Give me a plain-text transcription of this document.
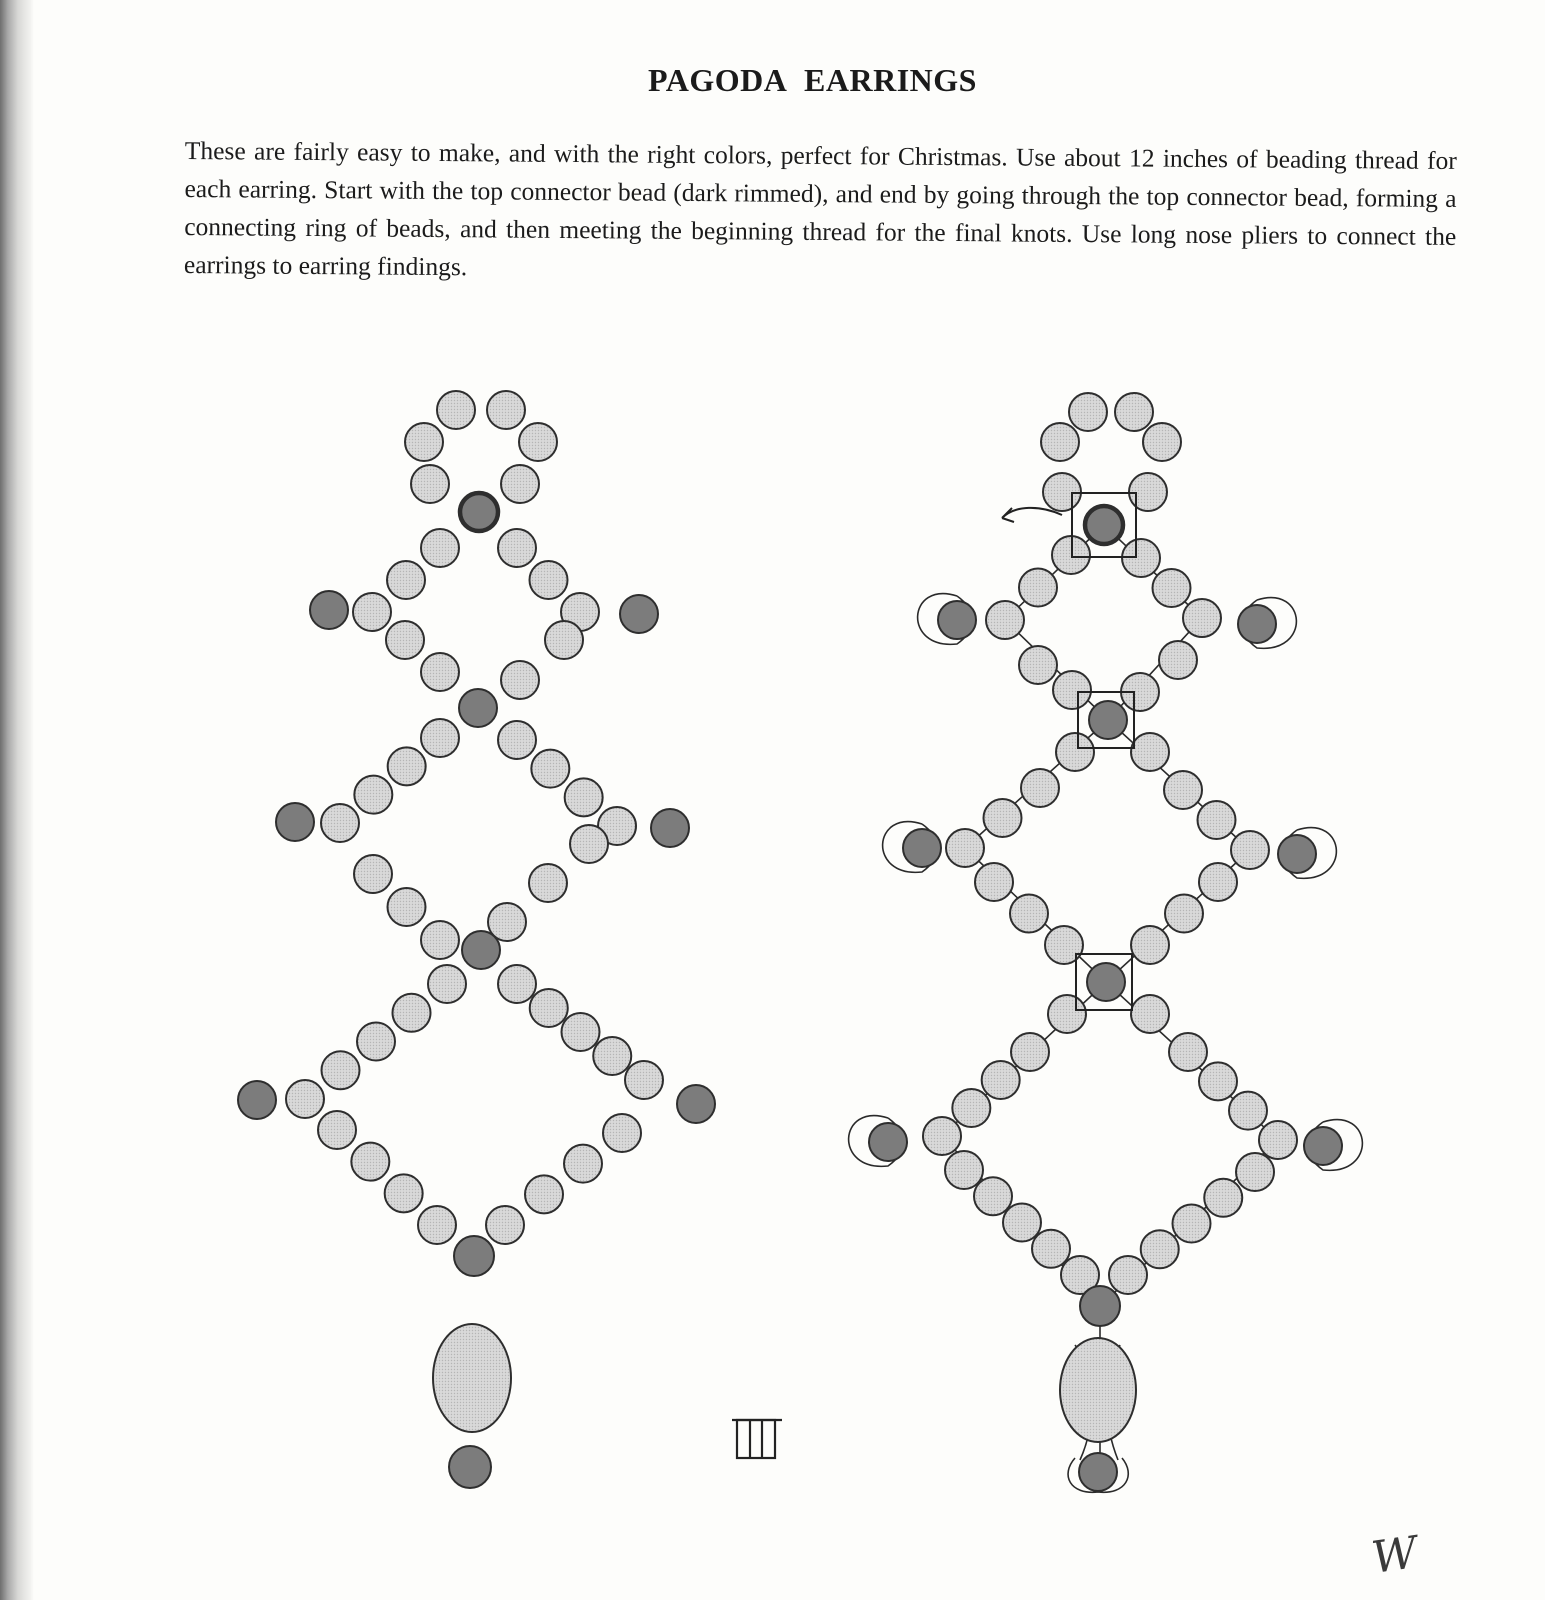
PAGODA EARRINGS
These are fairly easy to make, and with the right colors, perfect for Christmas. Use about 12 inches of beading thread for each earring. Start with the top connector bead (dark rimmed), and end by going through the top connector bead, forming a connecting ring of beads, and then meeting the beginning thread for the final knots. Use long nose pliers to connect the earrings to earring findings.
W
